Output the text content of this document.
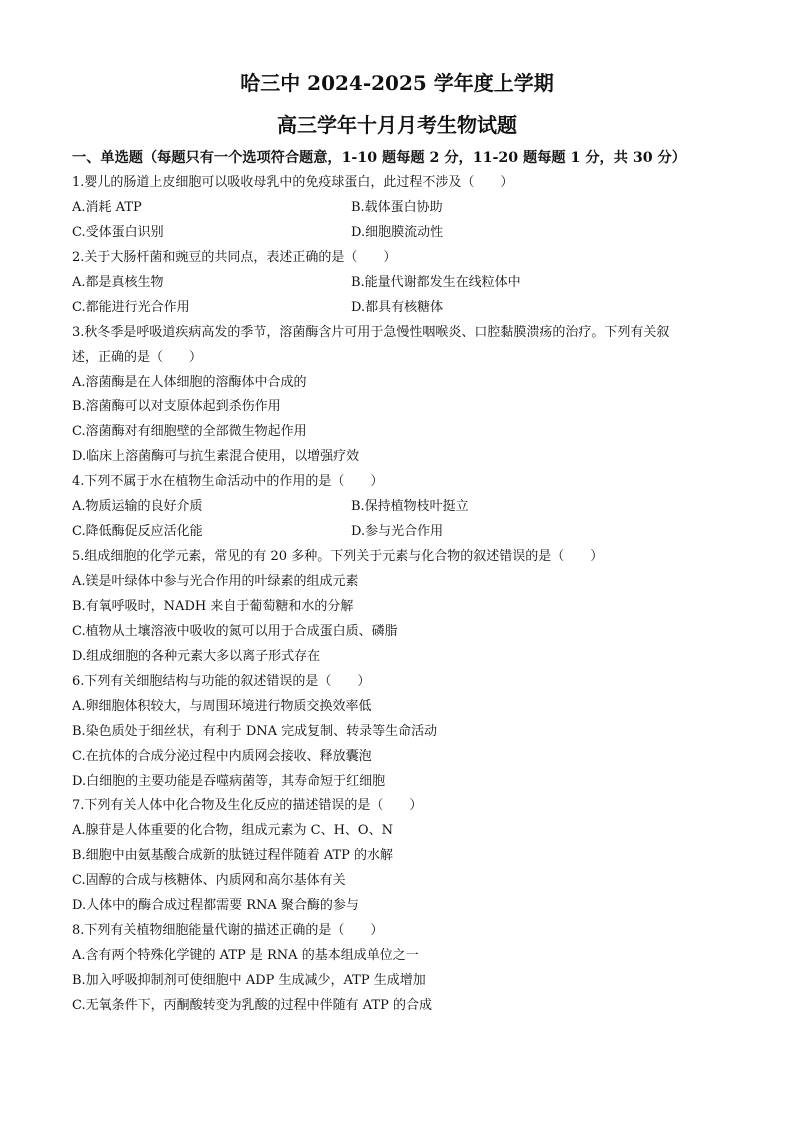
哈三中 2024-2025 学年度上学期
高三学年十月月考生物试题
一、单选题（每题只有一个选项符合题意，1-10 题每题 2 分，11-20 题每题 1 分，共 30 分）
1.婴儿的肠道上皮细胞可以吸收母乳中的免疫球蛋白，此过程不涉及（　　）
A.消耗 ATP	B.载体蛋白协助
C.受体蛋白识别	D.细胞膜流动性
2.关于大肠杆菌和豌豆的共同点，表述正确的是（　　）
A.都是真核生物	B.能量代谢都发生在线粒体中
C.都能进行光合作用	D.都具有核糖体
3.秋冬季是呼吸道疾病高发的季节，溶菌酶含片可用于急慢性咽喉炎、口腔黏膜溃疡的治疗。下列有关叙
述，正确的是（　　）
A.溶菌酶是在人体细胞的溶酶体中合成的
B.溶菌酶可以对支原体起到杀伤作用
C.溶菌酶对有细胞壁的全部微生物起作用
D.临床上溶菌酶可与抗生素混合使用，以增强疗效
4.下列不属于水在植物生命活动中的作用的是（　　）
A.物质运输的良好介质	B.保持植物枝叶挺立
C.降低酶促反应活化能	D.参与光合作用
5.组成细胞的化学元素，常见的有 20 多种。下列关于元素与化合物的叙述错误的是（　　）
A.镁是叶绿体中参与光合作用的叶绿素的组成元素
B.有氧呼吸时，NADH 来自于葡萄糖和水的分解
C.植物从土壤溶液中吸收的氮可以用于合成蛋白质、磷脂
D.组成细胞的各种元素大多以离子形式存在
6.下列有关细胞结构与功能的叙述错误的是（　　）
A.卵细胞体积较大，与周围环境进行物质交换效率低
B.染色质处于细丝状，有利于 DNA 完成复制、转录等生命活动
C.在抗体的合成分泌过程中内质网会接收、释放囊泡
D.白细胞的主要功能是吞噬病菌等，其寿命短于红细胞
7.下列有关人体中化合物及生化反应的描述错误的是（　　）
A.腺苷是人体重要的化合物，组成元素为 C、H、O、N
B.细胞中由氨基酸合成新的肽链过程伴随着 ATP 的水解
C.固醇的合成与核糖体、内质网和高尔基体有关
D.人体中的酶合成过程都需要 RNA 聚合酶的参与
8.下列有关植物细胞能量代谢的描述正确的是（　　）
A.含有两个特殊化学键的 ATP 是 RNA 的基本组成单位之一
B.加入呼吸抑制剂可使细胞中 ADP 生成减少，ATP 生成增加
C.无氧条件下，丙酮酸转变为乳酸的过程中伴随有 ATP 的合成
